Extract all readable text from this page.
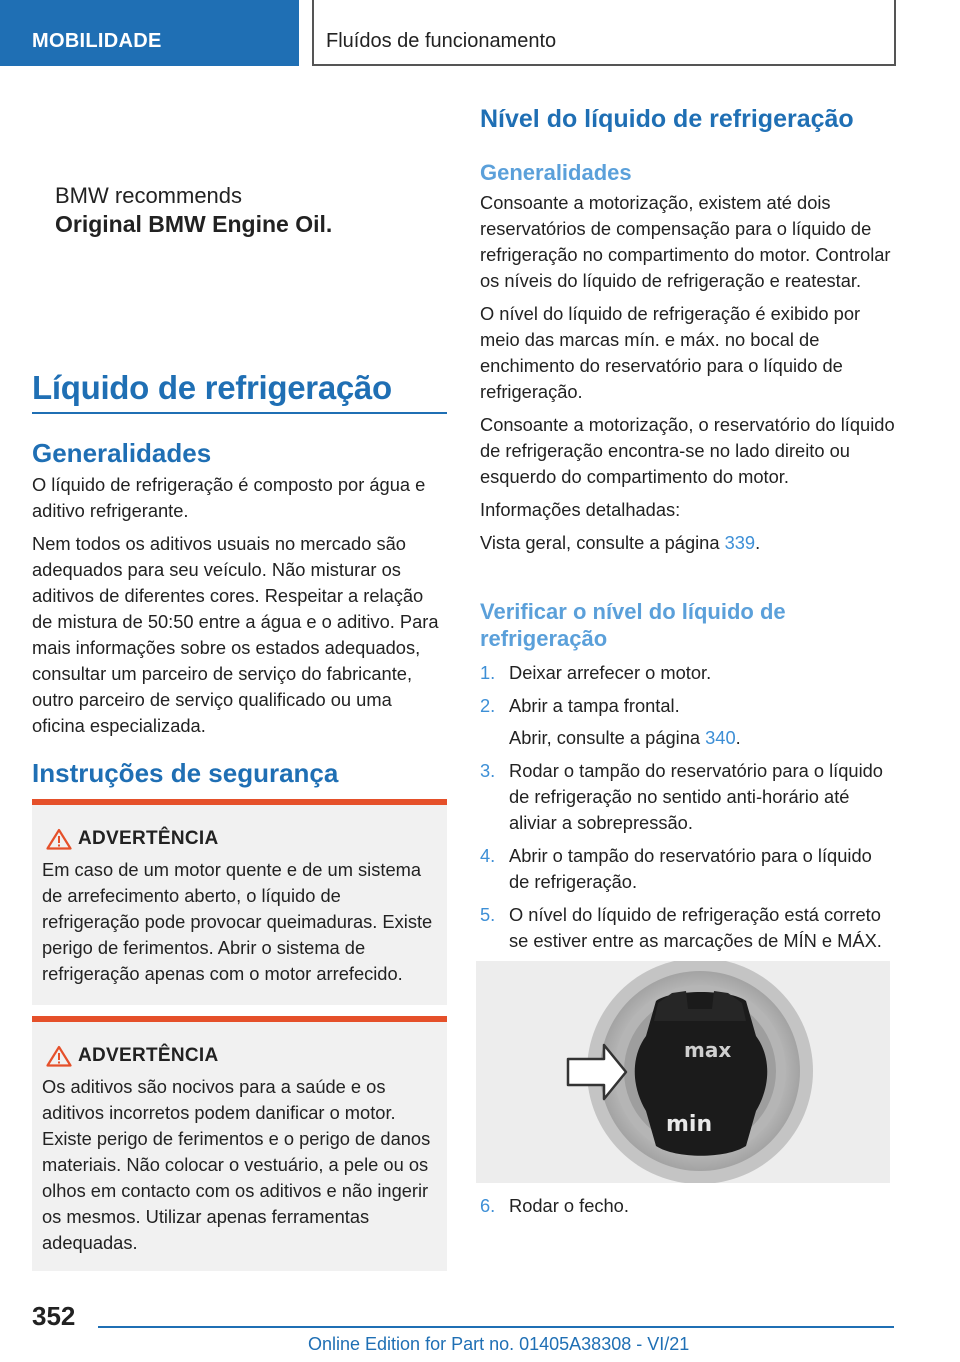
MOBILIDADE	Fluídos de funcionamento
BMW recommends
Original BMW Engine Oil.
Líquido de refrigeração
Generalidades

O líquido de refrigeração é composto por água e aditivo refrigerante.

Nem todos os aditivos usuais no mercado são adequados para seu veículo. Não misturar os aditivos de diferentes cores. Respeitar a relação de mistura de 50:50 entre a água e o aditivo. Para mais informações sobre os estados adequados, consultar um parceiro de serviço do fabricante, outro parceiro de serviço qualificado ou uma oficina especializada.

Instruções de segurança
ADVERTÊNCIA

Em caso de um motor quente e de um sistema de arrefecimento aberto, o líquido de refrigeração pode provocar queimaduras. Existe perigo de ferimentos. Abrir o sistema de refrigeração apenas com o motor arrefecido.

ADVERTÊNCIA

Os aditivos são nocivos para a saúde e os aditivos incorretos podem danificar o motor. Existe perigo de ferimentos e o perigo de danos materiais. Não colocar o vestuário, a pele ou os olhos em contacto com os aditivos e não ingerir os mesmos. Utilizar apenas ferramentas adequadas.

Nível do líquido de refrigeração
Generalidades

Consoante a motorização, existem até dois reservatórios de compensação para o líquido de refrigeração no compartimento do motor. Controlar os níveis do líquido de refrigeração e reatestar.

O nível do líquido de refrigeração é exibido por meio das marcas mín. e máx. no bocal de enchimento do reservatório para o líquido de refrigeração.

Consoante a motorização, o reservatório do líquido de refrigeração encontra-se no lado direito ou esquerdo do compartimento do motor.

Informações detalhadas:

Vista geral, consulte a página 339.

Verificar o nível do líquido de refrigeração
1. Deixar arrefecer o motor.
2. Abrir a tampa frontal.
Abrir, consulte a página 340.
3. Rodar o tampão do reservatório para o líquido de refrigeração no sentido anti-horário até aliviar a sobrepressão.
4. Abrir o tampão do reservatório para o líquido de refrigeração.
5. O nível do líquido de refrigeração está correto se estiver entre as marcações de MÍN e MÁX.
6. Rodar o fecho.
max
min
352
Online Edition for Part no. 01405A38308 - VI/21
